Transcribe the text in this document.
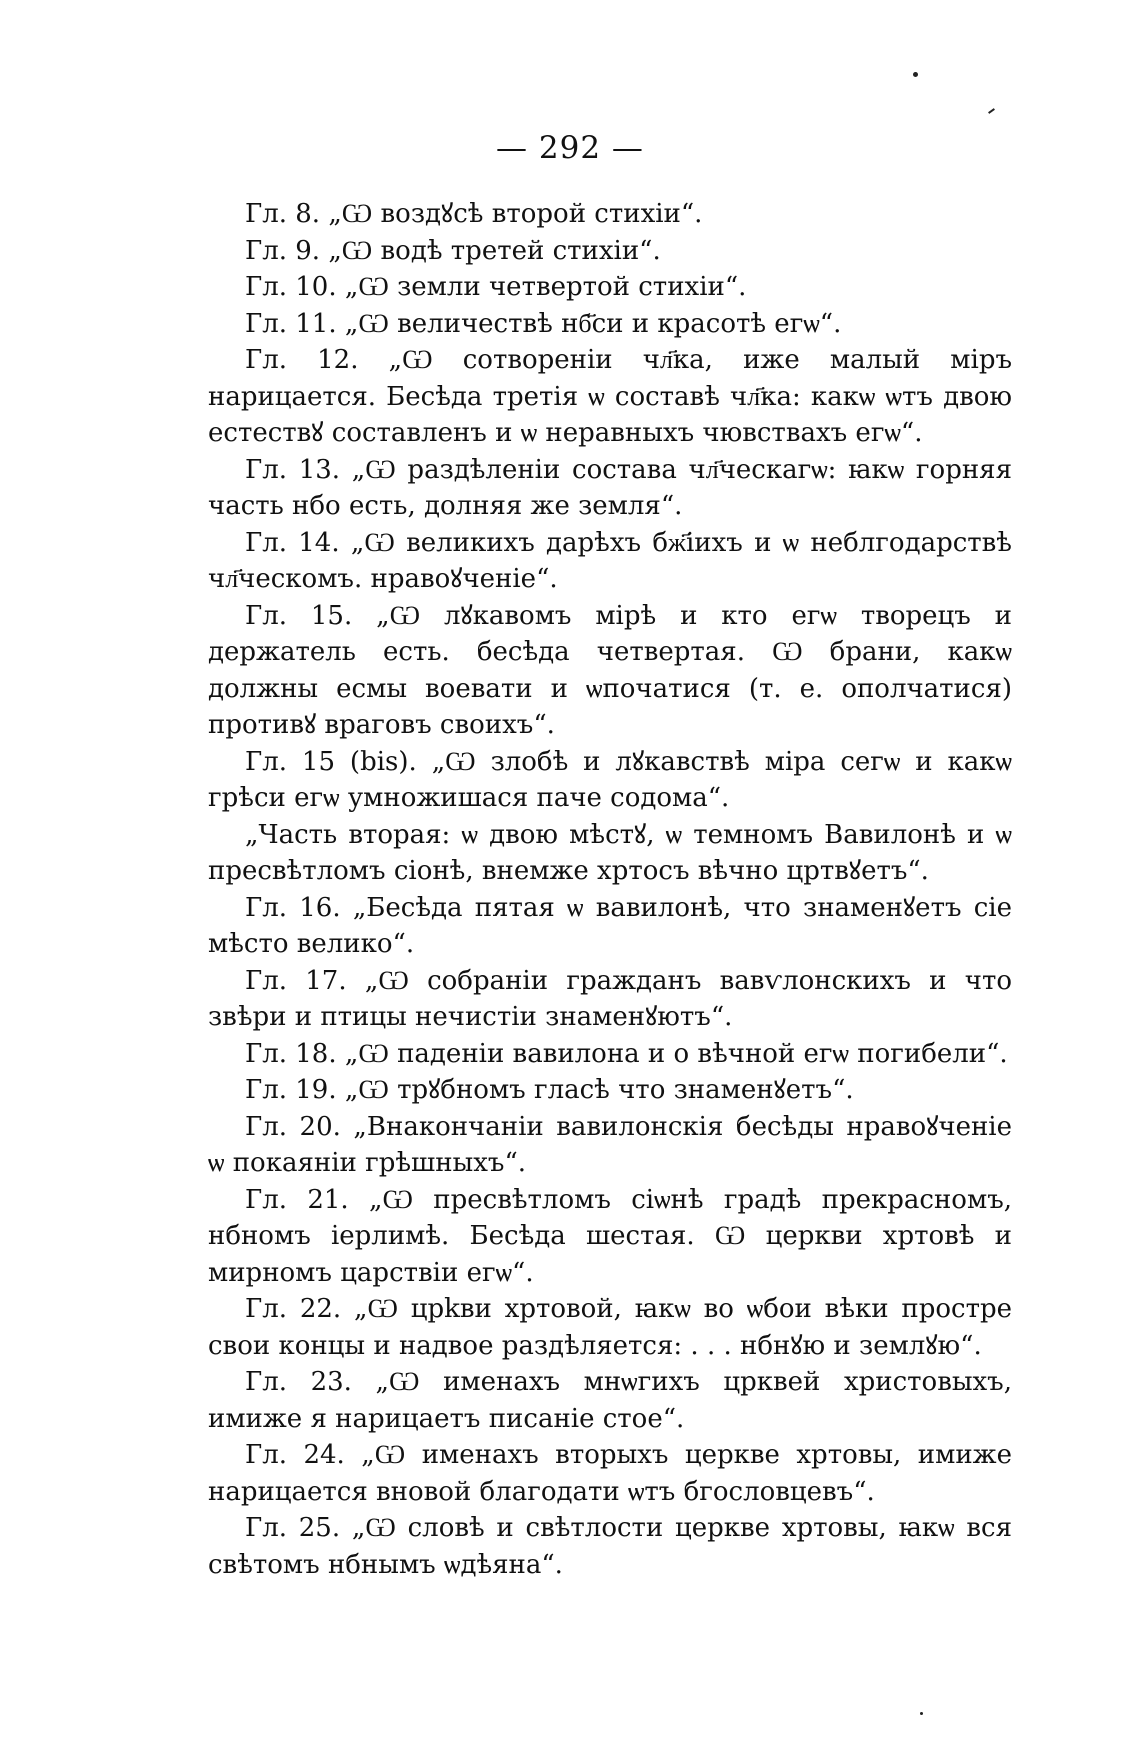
— 292 —
Гл. 8. „Ѡ воздꙋсѣ второй стихіи“.
Гл. 9. „Ѡ водѣ третей стихіи“.
Гл. 10. „Ѡ земли четвертой стихіи“.
Гл. 11. „Ѡ величествѣ нб҃си и красотѣ егѡ“.
Гл. 12. „Ѡ сотвореніи чл҃ка, иже малый міръ нарицается. Бесѣда третія ѡ составѣ чл҃ка: какѡ ѡтъ двою естествꙋ составленъ и ѡ неравныхъ чювствахъ егѡ“.
Гл. 13. „Ѡ раздѣленіи состава чл҃ческагѡ: ꙗкѡ горняя часть нбо есть, долняя же земля“.
Гл. 14. „Ѡ великихъ дарѣхъ бж҃іихъ и ѡ неблгодарствѣ чл҃ческомъ. нравоꙋченіе“.
Гл. 15. „Ѡ лꙋкавомъ мірѣ и кто егѡ творецъ и держатель есть. бесѣда четвертая. Ѡ брани, какѡ должны есмы воевати и ѡпочатися (т. е. ополчатися) противꙋ враговъ своихъ“.
Гл. 15 (bis). „Ѡ злобѣ и лꙋкавствѣ міра сегѡ и какѡ грѣси егѡ умножишася паче содома“.
„Часть вторая: ѡ двою мѣстꙋ, ѡ темномъ Вавилонѣ и ѡ пресвѣтломъ сіонѣ, внемже хртосъ вѣчно цртвꙋетъ“.
Гл. 16. „Бесѣда пятая ѡ вавилонѣ, что знаменꙋетъ сіе мѣсто велико“.
Гл. 17. „Ѡ собраніи гражданъ вавѵлонскихъ и что звѣри и птицы нечистіи знаменꙋютъ“.
Гл. 18. „Ѡ паденіи вавилона и о вѣчной егѡ погибели“.
Гл. 19. „Ѡ трꙋбномъ гласѣ что знаменꙋетъ“.
Гл. 20. „Внакончаніи вавилонскія бесѣды нравоꙋченіе ѡ покаяніи грѣшныхъ“.
Гл. 21. „Ѡ пресвѣтломъ сіѡнѣ градѣ прекрасномъ, нбномъ іерлимѣ. Бесѣда шестая. Ѡ церкви хртовѣ и мирномъ царствіи егѡ“.
Гл. 22. „Ѡ црkви хртовой, ꙗкѡ во ѡбои вѣки простре свои концы и надвое раздѣляется: . . . нбнꙋю и землꙋю“.
Гл. 23. „Ѡ именахъ мнѡгихъ црквей христовыхъ, имиже я нарицаетъ писаніе стое“.
Гл. 24. „Ѡ именахъ вторыхъ церкве хртовы, имиже нарицается вновой благодати ѡтъ бгословцевъ“.
Гл. 25. „Ѡ словѣ и свѣтлости церкве хртовы, ꙗкѡ вся свѣтомъ нбнымъ ѡдѣяна“.
